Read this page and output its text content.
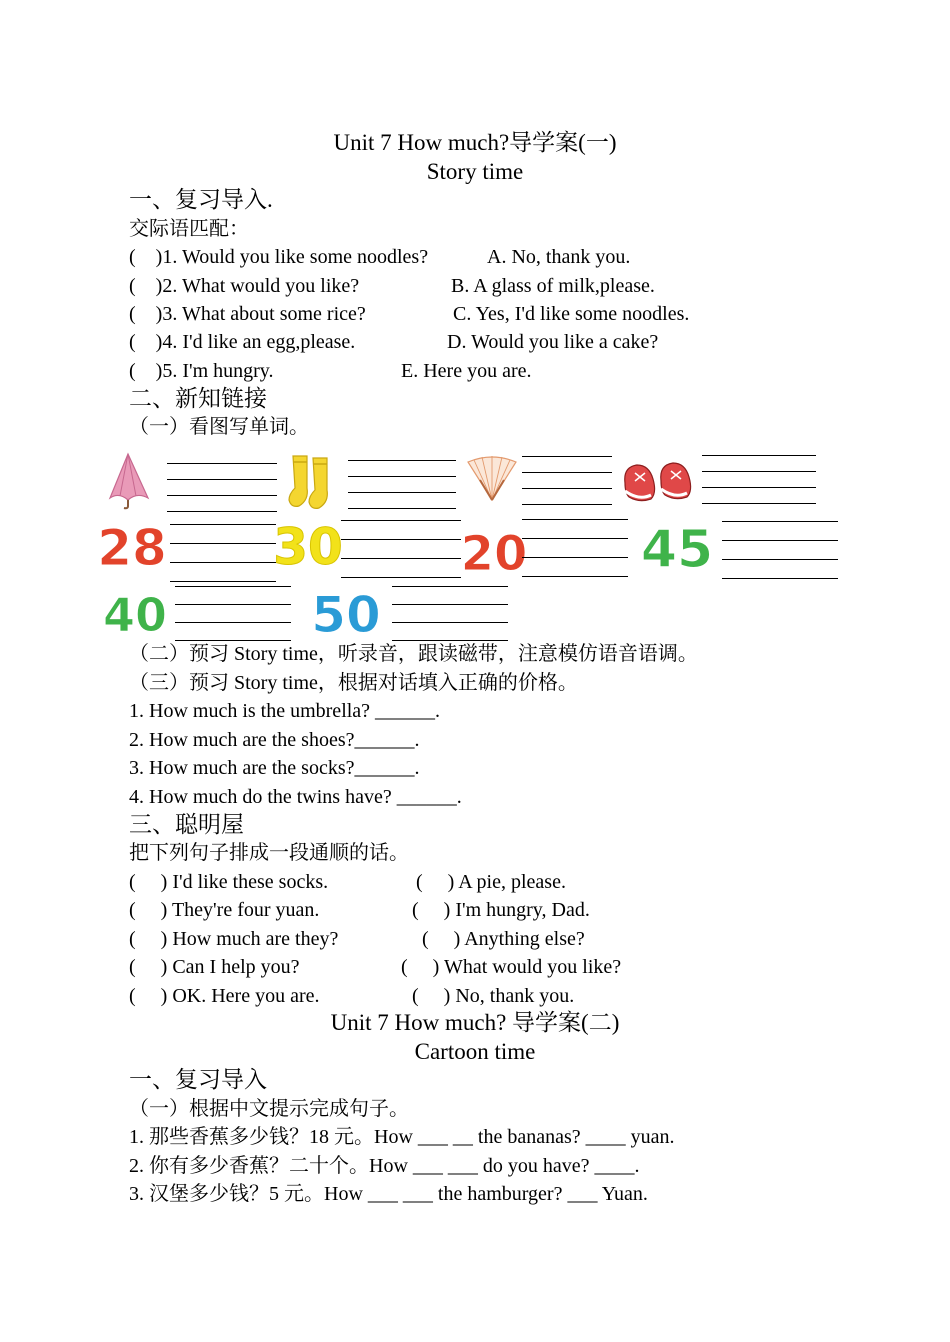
Unit 7 How much?导学案(一)
Story time
一、复习导入.
交际语匹配：
(    )1. Would you like some noodles?	A. No, thank you.
(    )2. What would you like?	B. A glass of milk,please.
(    )3. What about some rice?	C. Yes, I'd like some noodles.
(    )4. I'd like an egg,please.	D. Would you like a cake?
(    )5. I'm hungry.	E. Here you are.
二、新知链接
（一）看图写单词。
28 30 20 45
40	50
（二）预习 Story time，听录音，跟读磁带，注意模仿语音语调。
（三）预习 Story time，根据对话填入正确的价格。
1. How much is the umbrella? ______.
2. How much are the shoes?______.
3. How much are the socks?______.
4. How much do the twins have? ______.
三、聪明屋
把下列句子排成一段通顺的话。
(     ) I'd like these socks.	(     ) A pie, please.
(     ) They're four yuan.	(     ) I'm hungry, Dad.
(     ) How much are they?	(     ) Anything else?
(     ) Can I help you?	(     ) What would you like?
(     ) OK. Here you are.	(     ) No, thank you.
Unit 7 How much? 导学案(二)
Cartoon time
一、复习导入
（一）根据中文提示完成句子。
1. 那些香蕉多少钱？18 元。How ___ __ the bananas? ____ yuan.
2. 你有多少香蕉？二十个。How ___ ___ do you have? ____.
3. 汉堡多少钱？5 元。How ___ ___ the hamburger? ___ Yuan.
